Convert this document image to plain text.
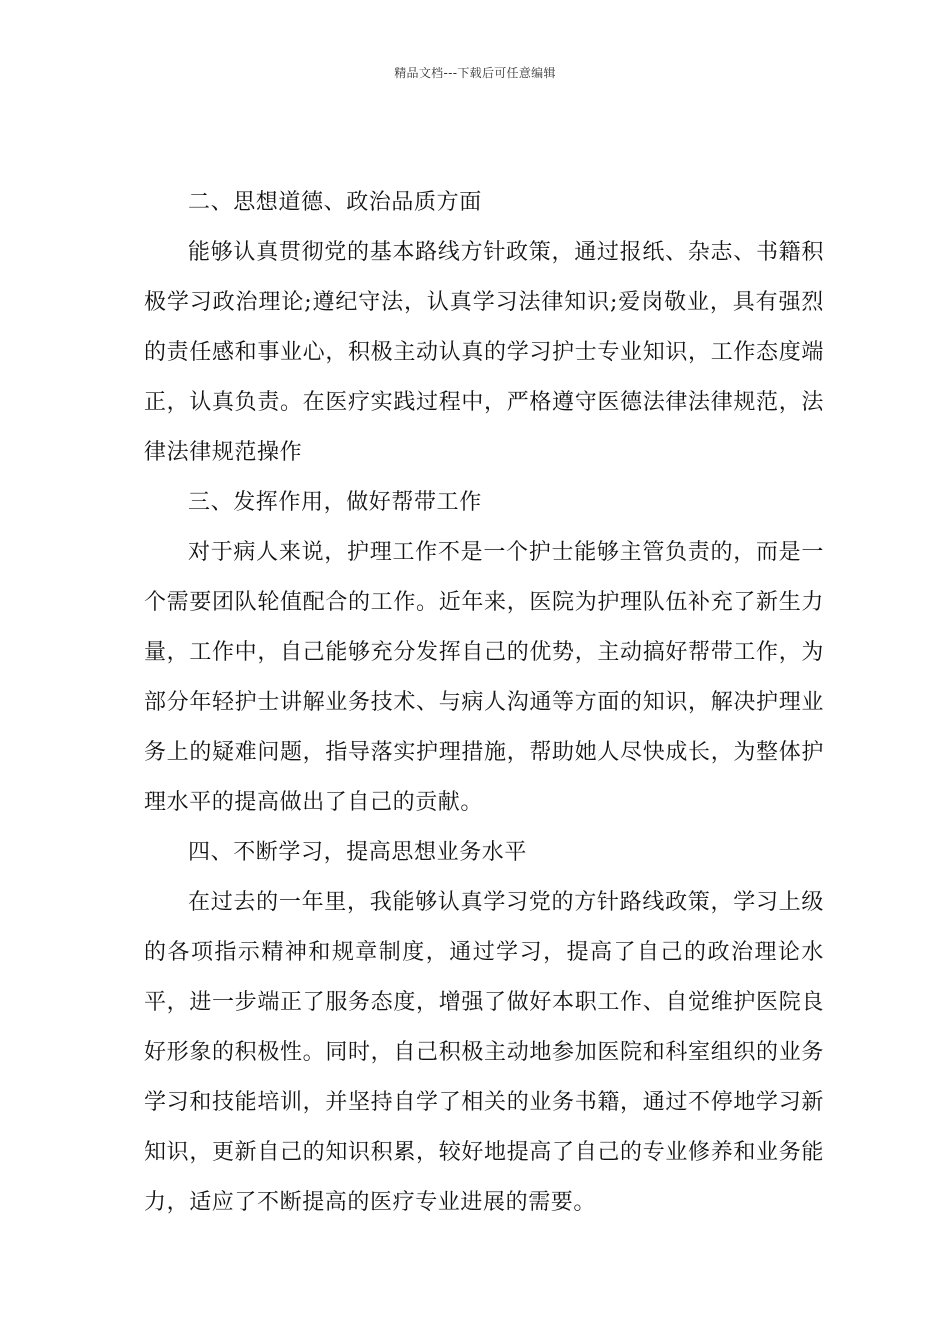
精品文档---下载后可任意编辑

二、思想道德、政治品质方面

能够认真贯彻党的基本路线方针政策，通过报纸、杂志、书籍积极学习政治理论;遵纪守法，认真学习法律知识;爱岗敬业，具有强烈的责任感和事业心，积极主动认真的学习护士专业知识，工作态度端正，认真负责。在医疗实践过程中，严格遵守医德法律法律规范，法律法律规范操作

三、发挥作用，做好帮带工作

对于病人来说，护理工作不是一个护士能够主管负责的，而是一个需要团队轮值配合的工作。近年来，医院为护理队伍补充了新生力量，工作中，自己能够充分发挥自己的优势，主动搞好帮带工作，为部分年轻护士讲解业务技术、与病人沟通等方面的知识，解决护理业务上的疑难问题，指导落实护理措施，帮助她人尽快成长，为整体护理水平的提高做出了自己的贡献。

四、不断学习，提高思想业务水平

在过去的一年里，我能够认真学习党的方针路线政策，学习上级的各项指示精神和规章制度，通过学习，提高了自己的政治理论水平，进一步端正了服务态度，增强了做好本职工作、自觉维护医院良好形象的积极性。同时，自己积极主动地参加医院和科室组织的业务学习和技能培训，并坚持自学了相关的业务书籍，通过不停地学习新知识，更新自己的知识积累，较好地提高了自己的专业修养和业务能力，适应了不断提高的医疗专业进展的需要。
